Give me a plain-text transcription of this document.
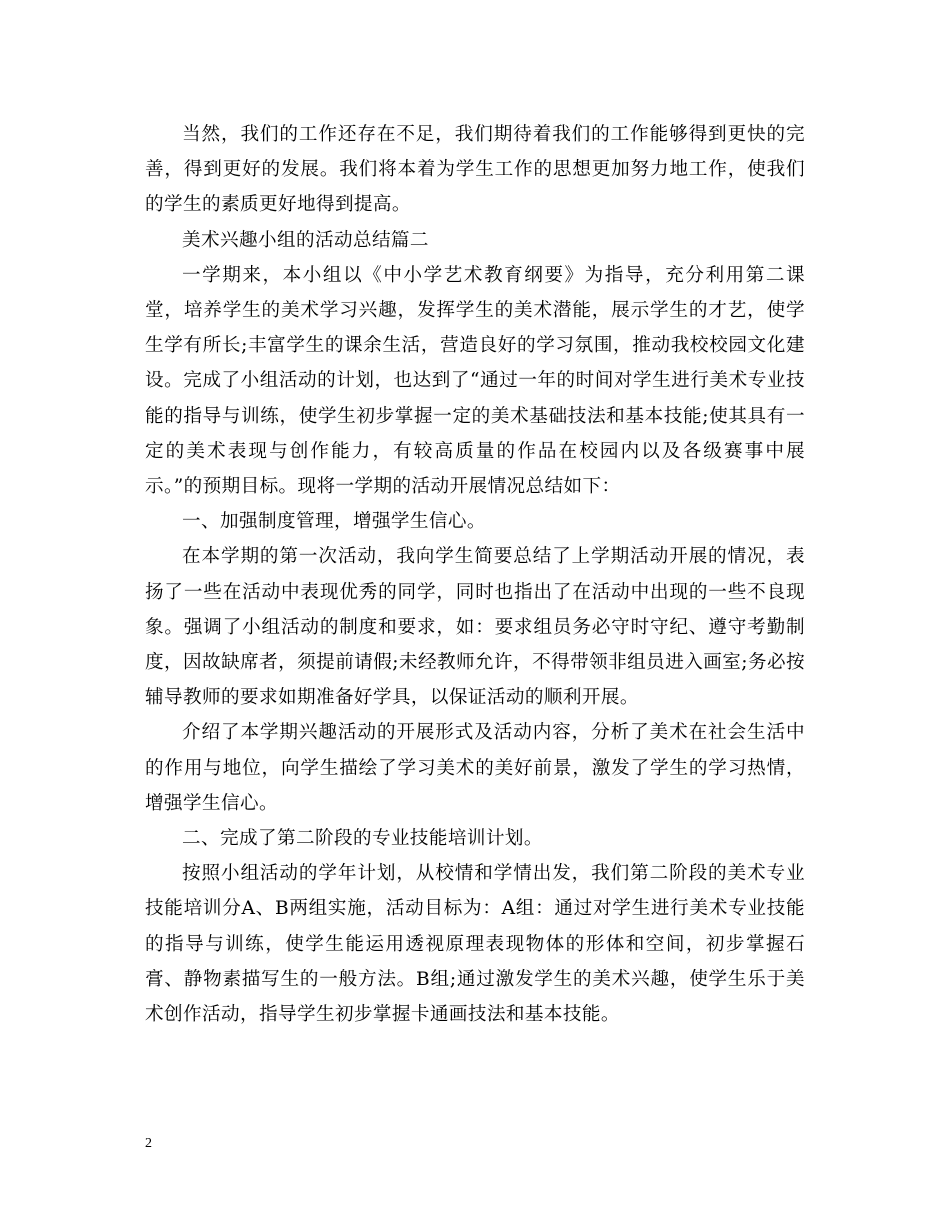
当然，我们的工作还存在不足，我们期待着我们的工作能够得到更快的完善，得到更好的发展。我们将本着为学生工作的思想更加努力地工作，使我们的学生的素质更好地得到提高。

美术兴趣小组的活动总结篇二

一学期来，本小组以《中小学艺术教育纲要》为指导，充分利用第二课堂，培养学生的美术学习兴趣，发挥学生的美术潜能，展示学生的才艺，使学生学有所长;丰富学生的课余生活，营造良好的学习氛围，推动我校校园文化建设。完成了小组活动的计划，也达到了“通过一年的时间对学生进行美术专业技能的指导与训练，使学生初步掌握一定的美术基础技法和基本技能;使其具有一定的美术表现与创作能力，有较高质量的作品在校园内以及各级赛事中展示。”的预期目标。现将一学期的活动开展情况总结如下：

一、加强制度管理，增强学生信心。

在本学期的第一次活动，我向学生简要总结了上学期活动开展的情况，表扬了一些在活动中表现优秀的同学，同时也指出了在活动中出现的一些不良现象。强调了小组活动的制度和要求，如：要求组员务必守时守纪、遵守考勤制度，因故缺席者，须提前请假;未经教师允许，不得带领非组员进入画室;务必按辅导教师的要求如期准备好学具，以保证活动的顺利开展。

介绍了本学期兴趣活动的开展形式及活动内容，分析了美术在社会生活中的作用与地位，向学生描绘了学习美术的美好前景，激发了学生的学习热情，增强学生信心。

二、完成了第二阶段的专业技能培训计划。

按照小组活动的学年计划，从校情和学情出发，我们第二阶段的美术专业技能培训分A、B两组实施，活动目标为：A组：通过对学生进行美术专业技能的指导与训练，使学生能运用透视原理表现物体的形体和空间，初步掌握石膏、静物素描写生的一般方法。B组;通过激发学生的美术兴趣，使学生乐于美术创作活动，指导学生初步掌握卡通画技法和基本技能。

2
